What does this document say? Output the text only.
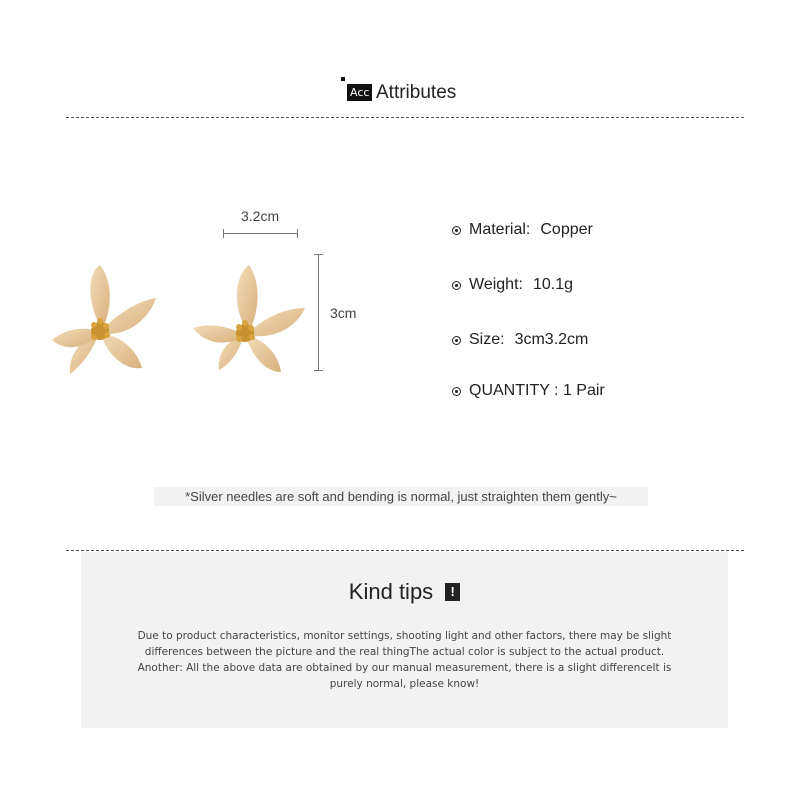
Acc Attributes
3.2cm
3cm
Material: Copper
Weight: 10.1g
Size: 3cm3.2cm
QUANTITY : 1 Pair
*Silver needles are soft and bending is normal, just straighten them gently~
Kind tips	!
Due to product characteristics, monitor settings, shooting light and other factors, there may be slight
differences between the picture and the real thingThe actual color is subject to the actual product.
Another: All the above data are obtained by our manual measurement, there is a slight differenceIt is
purely normal, please know!
